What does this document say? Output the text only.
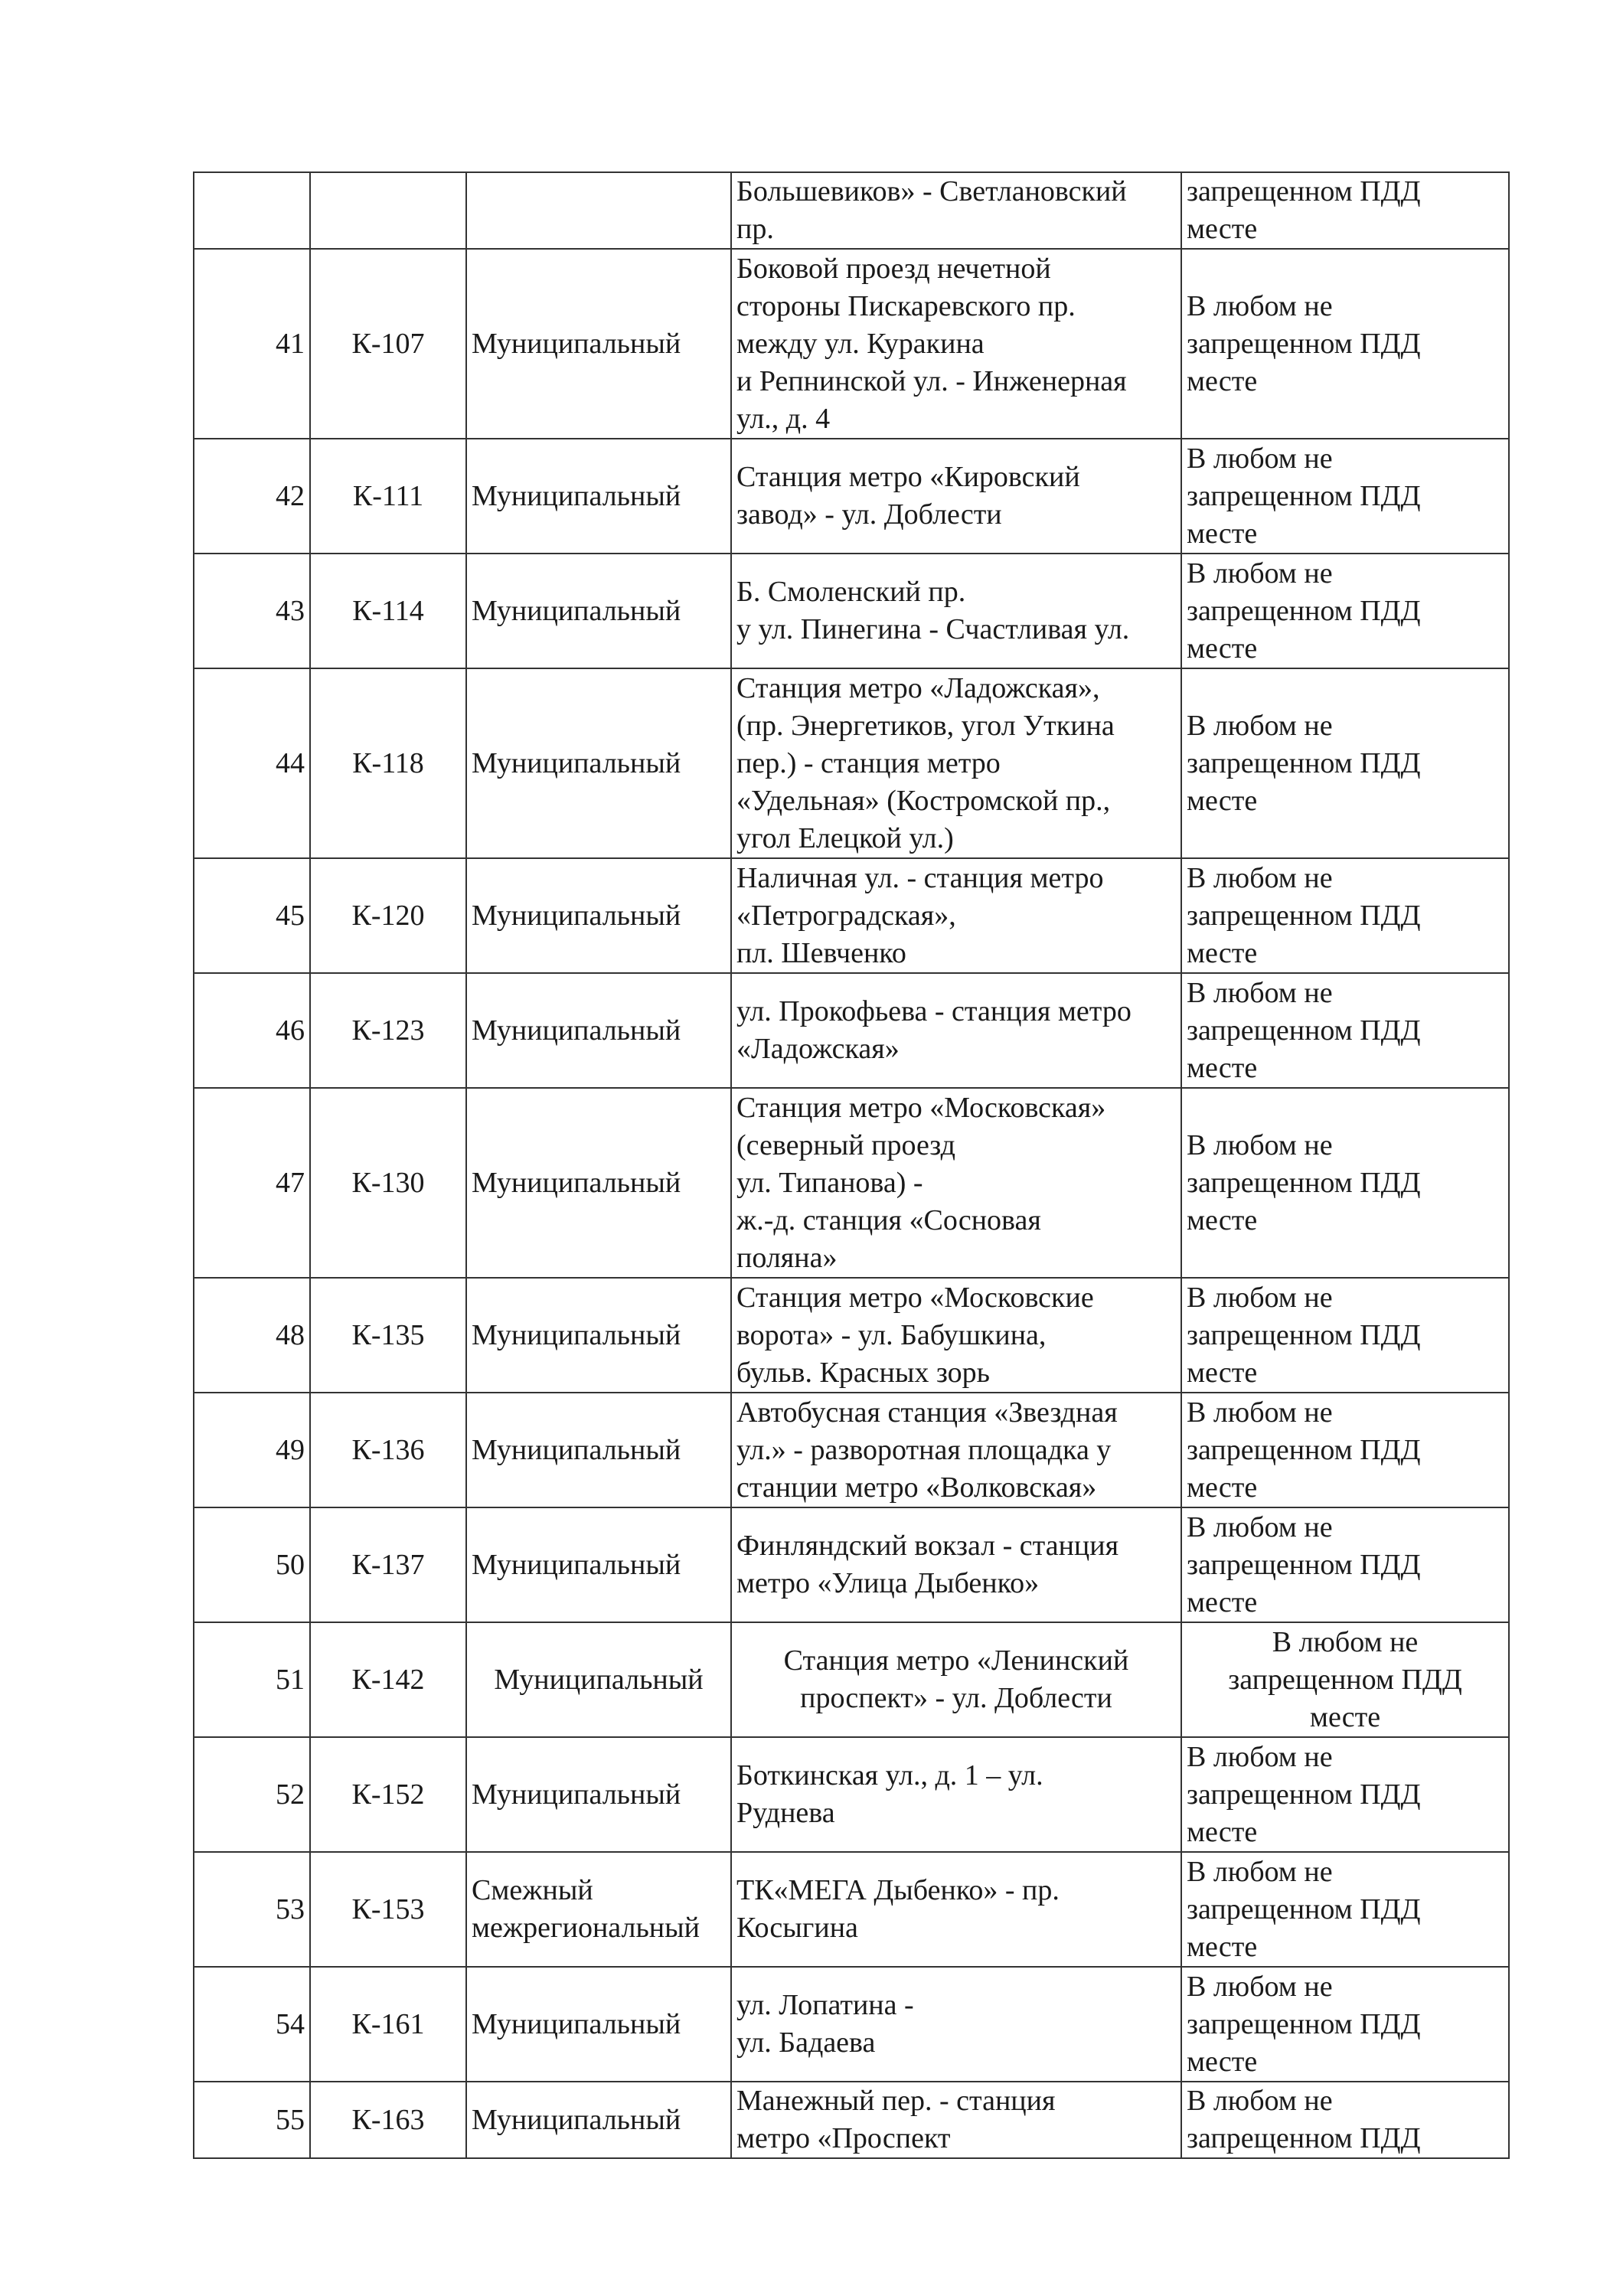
			Большевиков» - Светлановский
пр.	запрещенном ПДД
месте

41	К-107	Муниципальный	Боковой проезд нечетной
стороны Пискаревского пр.
между ул. Куракина
и Репнинской ул. - Инженерная
ул., д. 4	В любом не
запрещенном ПДД
месте

42	К-111	Муниципальный	Станция метро «Кировский
завод» - ул. Доблести	В любом не
запрещенном ПДД
месте

43	К-114	Муниципальный	Б. Смоленский пр.
у ул. Пинегина - Счастливая ул.	В любом не
запрещенном ПДД
месте

44	К-118	Муниципальный	Станция метро «Ладожская»,
(пр. Энергетиков, угол Уткина
пер.) - станция метро
«Удельная» (Костромской пр.,
угол Елецкой ул.)	В любом не
запрещенном ПДД
месте

45	К-120	Муниципальный	Наличная ул. - станция метро
«Петроградская»,
пл. Шевченко	В любом не
запрещенном ПДД
месте

46	К-123	Муниципальный	ул. Прокофьева - станция метро
«Ладожская»	В любом не
запрещенном ПДД
месте

47	К-130	Муниципальный	Станция метро «Московская»
(северный проезд
ул. Типанова) -
ж.-д. станция «Сосновая
поляна»	В любом не
запрещенном ПДД
месте

48	К-135	Муниципальный	Станция метро «Московские
ворота» - ул. Бабушкина,
бульв. Красных зорь	В любом не
запрещенном ПДД
месте

49	К-136	Муниципальный	Автобусная станция «Звездная
ул.» - разворотная площадка у
станции метро «Волковская»	В любом не
запрещенном ПДД
месте

50	К-137	Муниципальный	Финляндский вокзал - станция
метро «Улица Дыбенко»	В любом не
запрещенном ПДД
месте

51	К-142	Муниципальный	Станция метро «Ленинский
проспект» - ул. Доблести	В любом не
запрещенном ПДД
месте

52	К-152	Муниципальный	Боткинская ул., д. 1 – ул.
Руднева	В любом не
запрещенном ПДД
месте

53	К-153	Смежный
межрегиональный	ТК«МЕГА Дыбенко» - пр.
Косыгина	В любом не
запрещенном ПДД
месте

54	К-161	Муниципальный	ул. Лопатина -
ул. Бадаева	В любом не
запрещенном ПДД
месте

55	К-163	Муниципальный	Манежный пер. - станция
метро «Проспект	В любом не
запрещенном ПДД
